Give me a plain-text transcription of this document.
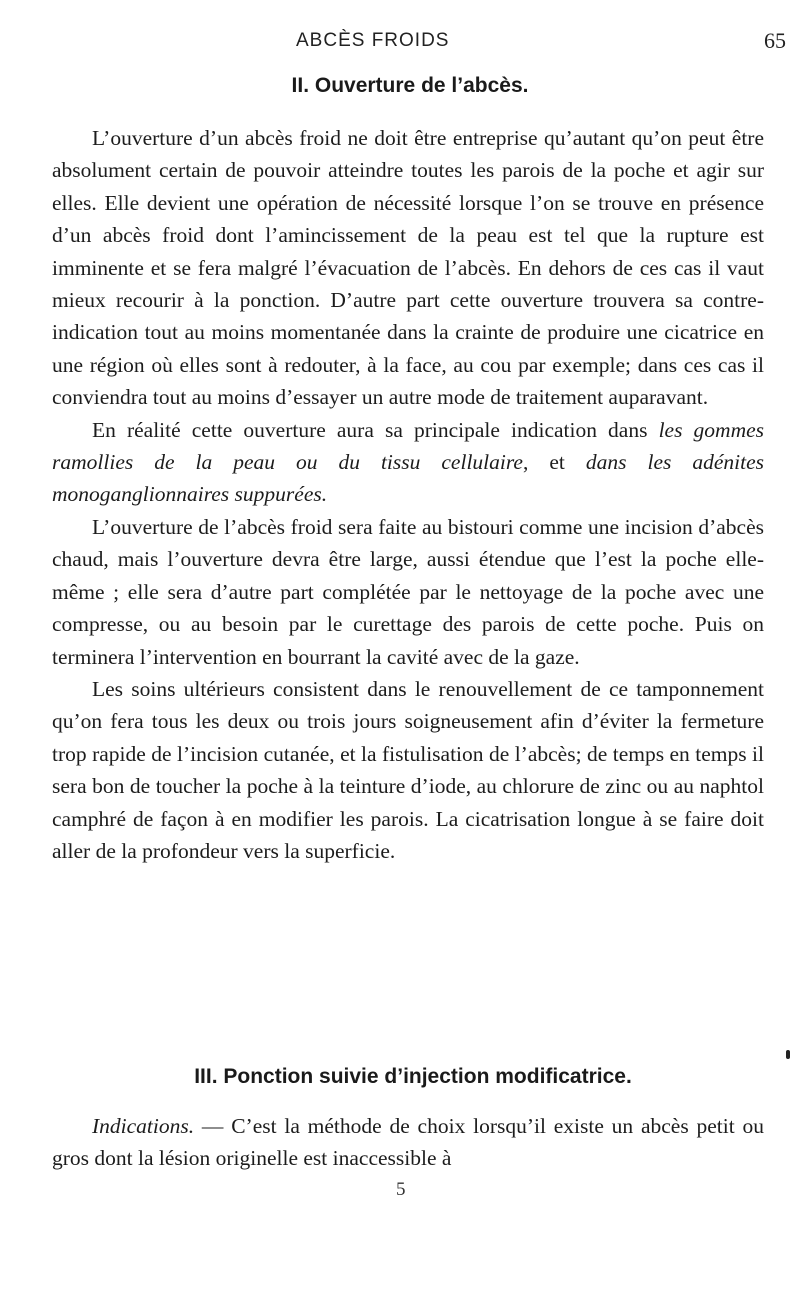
ABCÈS FROIDS	65
II. Ouverture de l’abcès.

L’ouverture d’un abcès froid ne doit être entreprise qu’autant qu’on peut être absolument certain de pouvoir atteindre toutes les parois de la poche et agir sur elles. Elle devient une opération de nécessité lorsque l’on se trouve en présence d’un abcès froid dont l’amincissement de la peau est tel que la rupture est imminente et se fera malgré l’évacuation de l’abcès. En dehors de ces cas il vaut mieux recourir à la ponction. D’autre part cette ouverture trouvera sa contre-indication tout au moins momentanée dans la crainte de produire une cicatrice en une région où elles sont à redouter, à la face, au cou par exemple; dans ces cas il conviendra tout au moins d’essayer un autre mode de traitement auparavant.

En réalité cette ouverture aura sa principale indication dans les gommes ramollies de la peau ou du tissu cellulaire, et dans les adénites monoganglionnaires suppurées.

L’ouverture de l’abcès froid sera faite au bistouri comme une incision d’abcès chaud, mais l’ouverture devra être large, aussi étendue que l’est la poche elle-même ; elle sera d’autre part complétée par le nettoyage de la poche avec une compresse, ou au besoin par le curettage des parois de cette poche. Puis on terminera l’intervention en bourrant la cavité avec de la gaze.

Les soins ultérieurs consistent dans le renouvellement de ce tamponnement qu’on fera tous les deux ou trois jours soigneusement afin d’éviter la fermeture trop rapide de l’incision cutanée, et la fistulisation de l’abcès; de temps en temps il sera bon de toucher la poche à la teinture d’iode, au chlorure de zinc ou au naphtol camphré de façon à en modifier les parois. La cicatrisation longue à se faire doit aller de la profondeur vers la superficie.

III. Ponction suivie d’injection modificatrice.

Indications. — C’est la méthode de choix lorsqu’il existe un abcès petit ou gros dont la lésion originelle est inaccessible à

5
